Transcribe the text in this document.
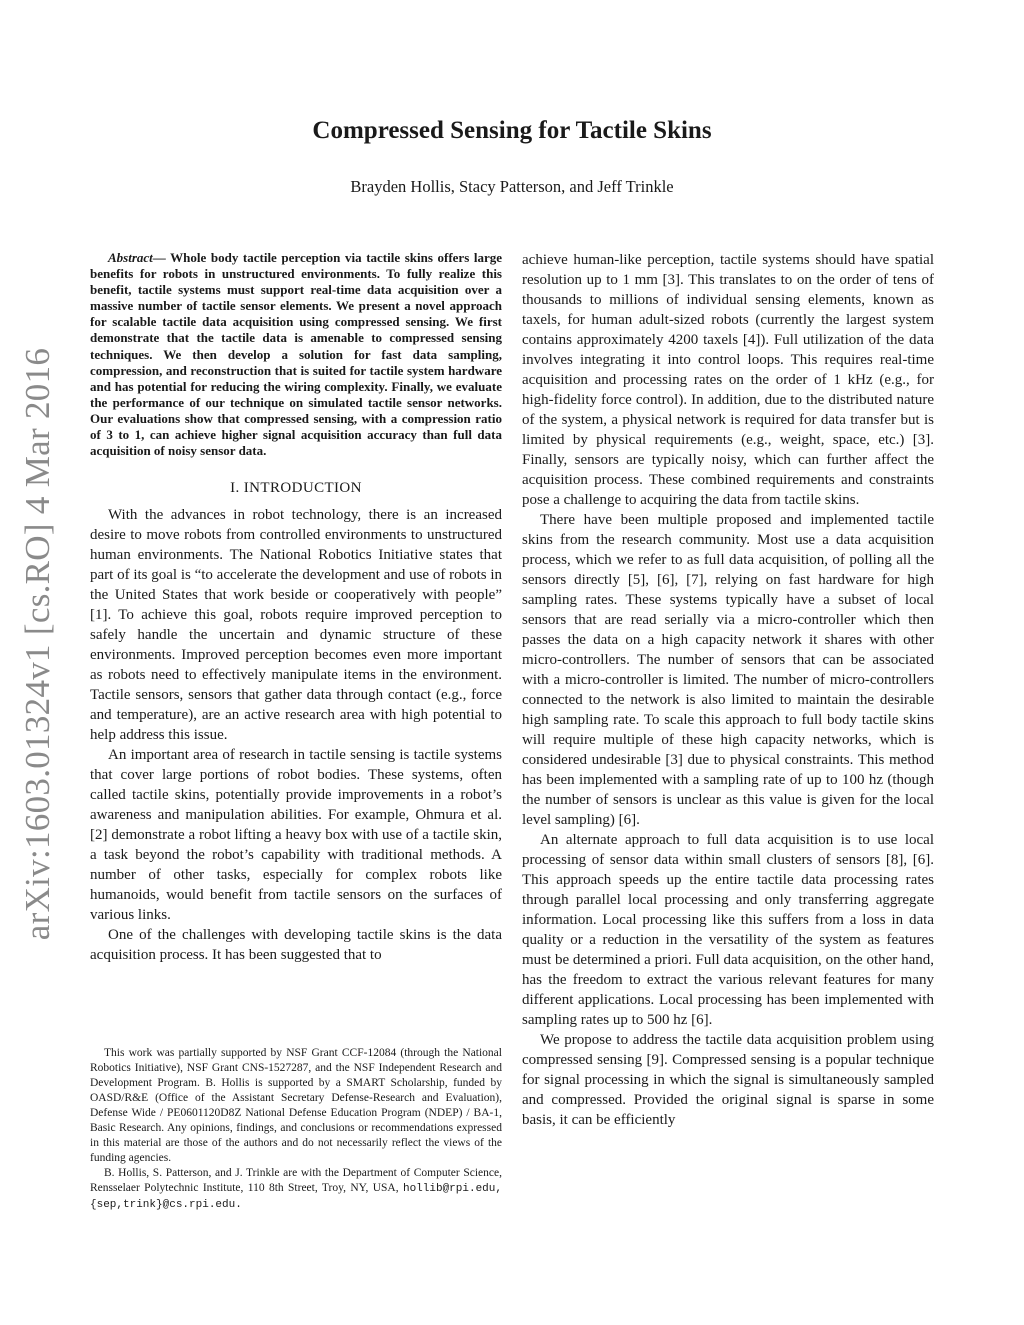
arXiv:1603.01324v1 [cs.RO] 4 Mar 2016
Compressed Sensing for Tactile Skins

Brayden Hollis, Stacy Patterson, and Jeff Trinkle

Abstract— Whole body tactile perception via tactile skins offers large benefits for robots in unstructured environments. To fully realize this benefit, tactile systems must support real-time data acquisition over a massive number of tactile sensor elements. We present a novel approach for scalable tactile data acquisition using compressed sensing. We first demonstrate that the tactile data is amenable to compressed sensing techniques. We then develop a solution for fast data sampling, compression, and reconstruction that is suited for tactile system hardware and has potential for reducing the wiring complexity. Finally, we evaluate the performance of our technique on simulated tactile sensor networks. Our evaluations show that compressed sensing, with a compression ratio of 3 to 1, can achieve higher signal acquisition accuracy than full data acquisition of noisy sensor data.

I. INTRODUCTION

With the advances in robot technology, there is an increased desire to move robots from controlled environments to unstructured human environments. The National Robotics Initiative states that part of its goal is “to accelerate the development and use of robots in the United States that work beside or cooperatively with people” [1]. To achieve this goal, robots require improved perception to safely handle the uncertain and dynamic structure of these environments. Improved perception becomes even more important as robots need to effectively manipulate items in the environment. Tactile sensors, sensors that gather data through contact (e.g., force and temperature), are an active research area with high potential to help address this issue.

An important area of research in tactile sensing is tactile systems that cover large portions of robot bodies. These systems, often called tactile skins, potentially provide improvements in a robot’s awareness and manipulation abilities. For example, Ohmura et al. [2] demonstrate a robot lifting a heavy box with use of a tactile skin, a task beyond the robot’s capability with traditional methods. A number of other tasks, especially for complex robots like humanoids, would benefit from tactile sensors on the surfaces of various links.

One of the challenges with developing tactile skins is the data acquisition process. It has been suggested that to

This work was partially supported by NSF Grant CCF-12084 (through the National Robotics Initiative), NSF Grant CNS-1527287, and the NSF Independent Research and Development Program. B. Hollis is supported by a SMART Scholarship, funded by OASD/R&E (Office of the Assistant Secretary Defense-Research and Evaluation), Defense Wide / PE0601120D8Z National Defense Education Program (NDEP) / BA-1, Basic Research. Any opinions, findings, and conclusions or recommendations expressed in this material are those of the authors and do not necessarily reflect the views of the funding agencies.

B. Hollis, S. Patterson, and J. Trinkle are with the Department of Computer Science, Rensselaer Polytechnic Institute, 110 8th Street, Troy, NY, USA, hollib@rpi.edu,{sep,trink}@cs.rpi.edu.

achieve human-like perception, tactile systems should have spatial resolution up to 1 mm [3]. This translates to on the order of tens of thousands to millions of individual sensing elements, known as taxels, for human adult-sized robots (currently the largest system contains approximately 4200 taxels [4]). Full utilization of the data involves integrating it into control loops. This requires real-time acquisition and processing rates on the order of 1 kHz (e.g., for high-fidelity force control). In addition, due to the distributed nature of the system, a physical network is required for data transfer but is limited by physical requirements (e.g., weight, space, etc.) [3]. Finally, sensors are typically noisy, which can further affect the acquisition process. These combined requirements and constraints pose a challenge to acquiring the data from tactile skins.

There have been multiple proposed and implemented tactile skins from the research community. Most use a data acquisition process, which we refer to as full data acquisition, of polling all the sensors directly [5], [6], [7], relying on fast hardware for high sampling rates. These systems typically have a subset of local sensors that are read serially via a micro-controller which then passes the data on a high capacity network it shares with other micro-controllers. The number of sensors that can be associated with a micro-controller is limited. The number of micro-controllers connected to the network is also limited to maintain the desirable high sampling rate. To scale this approach to full body tactile skins will require multiple of these high capacity networks, which is considered undesirable [3] due to physical constraints. This method has been implemented with a sampling rate of up to 100 hz (though the number of sensors is unclear as this value is given for the local level sampling) [6].

An alternate approach to full data acquisition is to use local processing of sensor data within small clusters of sensors [8], [6]. This approach speeds up the entire tactile data processing rates through parallel local processing and only transferring aggregate information. Local processing like this suffers from a loss in data quality or a reduction in the versatility of the system as features must be determined a priori. Full data acquisition, on the other hand, has the freedom to extract the various relevant features for many different applications. Local processing has been implemented with sampling rates up to 500 hz [6].

We propose to address the tactile data acquisition problem using compressed sensing [9]. Compressed sensing is a popular technique for signal processing in which the signal is simultaneously sampled and compressed. Provided the original signal is sparse in some basis, it can be efficiently
